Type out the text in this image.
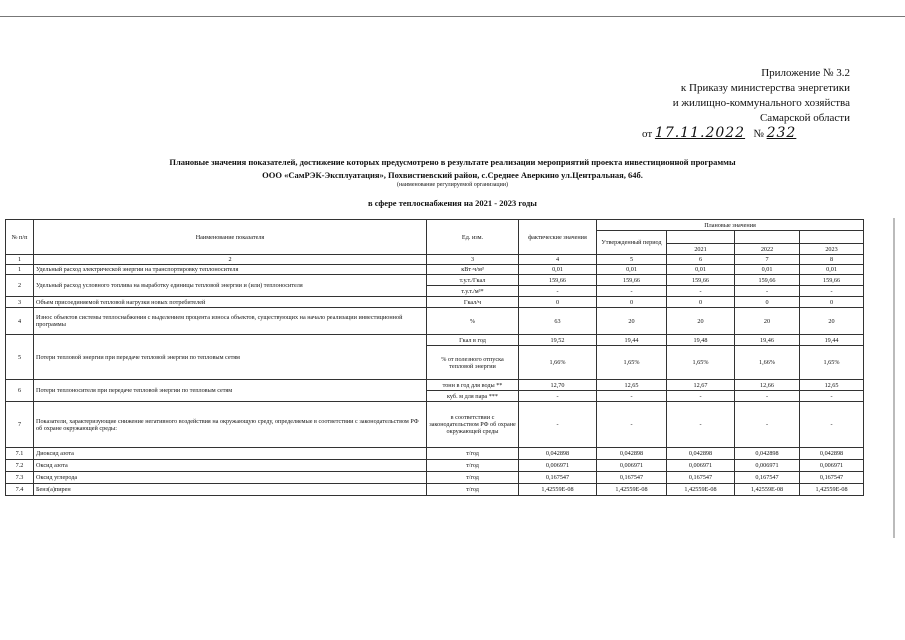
Приложение № 3.2
к Приказу министерства энергетики
и жилищно-коммунального хозяйства
Самарской области
от 17.11.2022 № 232
Плановые значения показателей, достижение которых предусмотрено в результате реализации мероприятий проекта инвестиционной программы
ООО «СамРЭК-Эксплуатация», Похвистневский район, с.Среднее Аверкино ул.Центральная, 64б.
(наименование регулируемой организации)
в сфере теплоснабжения на 2021 - 2023 годы
№ п/п	Наименование показателя	Ед. изм.	фактические значения	Плановые значения			
				Утвержденный период			
					2021	2022	2023
1	2	3	4	5	6	7	8
1	Удельный расход электрической энергии на транспортировку теплоносителя	кВт·ч/м³	0,01	0,01	0,01	0,01	0,01
2	Удельный расход условного топлива на выработку единицы тепловой энергии и (или) теплоносителя	т.у.т./Гкал	159,66	159,66	159,66	159,66	159,66
		т.у.т./м³*	-	-	-	-	-
3	Объем присоединяемой тепловой нагрузки новых потребителей	Гкал/ч	0	0	0	0	0
4	Износ объектов системы теплоснабжения с выделением процента износа объектов, существующих на начало реализации инвестиционной программы	%	63	20	20	20	20
5	Потери тепловой энергии при передаче тепловой энергии по тепловым сетям	Гкал в год	19,52	19,44	19,48	19,46	19,44
		% от полезного отпуска тепловой энергии	1,66%	1,65%	1,65%	1,66%	1,65%
6	Потери теплоносителя при передаче тепловой энергии по тепловым сетям	тонн в год для воды **	12,70	12,65	12,67	12,66	12,65
		куб. м для пара ***	-	-	-	-	-
7	Показатели, характеризующие снижение негативного воздействия на окружающую среду, определяемые в соответствии с законодательством РФ об охране окружающей среды:	в соответствии с законодательством РФ об охране окружающей среды	-	-	-	-	-
7.1	Диоксид азота	т/год	0,042898	0,042898	0,042898	0,042898	0,042898
7.2	Оксид азота	т/год	0,006971	0,006971	0,006971	0,006971	0,006971
7.3	Оксид углерода	т/год	0,167547	0,167547	0,167547	0,167547	0,167547
7.4	Бенз(а)пирен	т/год	1,42559E-08	1,42559E-08	1,42559E-08	1,42559E-08	1,42559E-08
